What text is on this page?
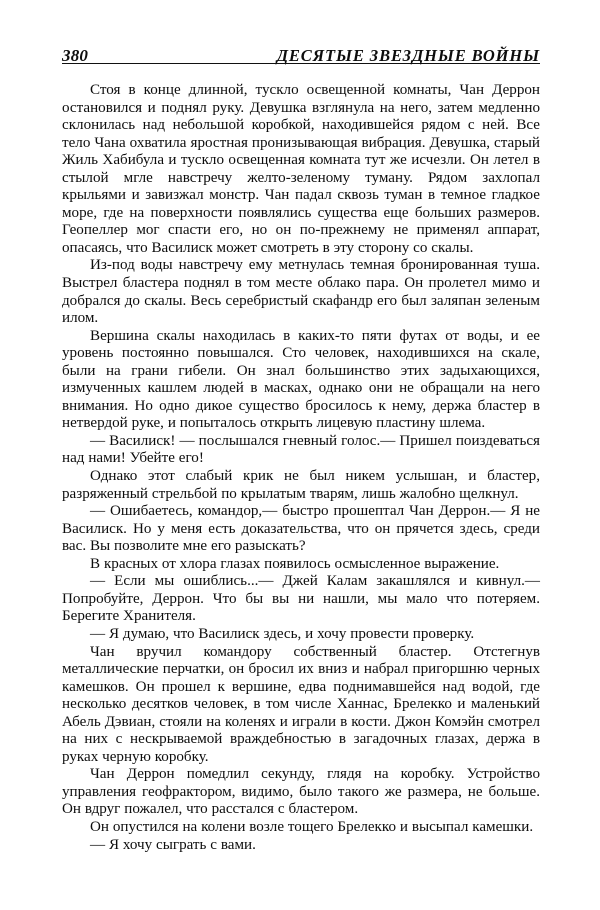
380	ДЕСЯТЫЕ ЗВЕЗДНЫЕ ВОЙНЫ

Стоя в конце длинной, тускло освещенной комнаты, Чан Деррон остановился и поднял руку. Девушка взглянула на него, затем медленно склонилась над небольшой коробкой, находившейся рядом с ней. Все тело Чана охватила яростная пронизывающая вибрация. Девушка, старый Жиль Хабибула и тускло освещенная комната тут же исчезли. Он летел в стылой мгле навстречу желто-зеленому туману. Рядом захлопал крыльями и завизжал монстр. Чан падал сквозь туман в темное гладкое море, где на поверхности появлялись существа еще больших размеров. Геопеллер мог спасти его, но он по-прежнему не применял аппарат, опасаясь, что Василиск может смотреть в эту сторону со скалы.

Из-под воды навстречу ему метнулась темная бронированная туша. Выстрел бластера поднял в том месте облако пара. Он пролетел мимо и добрался до скалы. Весь серебристый скафандр его был заляпан зеленым илом.

Вершина скалы находилась в каких-то пяти футах от воды, и ее уровень постоянно повышался. Сто человек, находившихся на скале, были на грани гибели. Он знал большинство этих задыхающихся, измученных кашлем людей в масках, однако они не обращали на него внимания. Но одно дикое существо бросилось к нему, держа бластер в нетвердой руке, и попыталось открыть лицевую пластину шлема.

— Василиск! — послышался гневный голос.— Пришел поиздеваться над нами! Убейте его!

Однако этот слабый крик не был никем услышан, и бластер, разряженный стрельбой по крылатым тварям, лишь жалобно щелкнул.

— Ошибаетесь, командор,— быстро прошептал Чан Деррон.— Я не Василиск. Но у меня есть доказательства, что он прячется здесь, среди вас. Вы позволите мне его разыскать?

В красных от хлора глазах появилось осмысленное выражение.

— Если мы ошиблись...— Джей Калам закашлялся и кивнул.— Попробуйте, Деррон. Что бы вы ни нашли, мы мало что потеряем. Берегите Хранителя.

— Я думаю, что Василиск здесь, и хочу провести проверку.

Чан вручил командору собственный бластер. Отстегнув металлические перчатки, он бросил их вниз и набрал пригоршню черных камешков. Он прошел к вершине, едва поднимавшейся над водой, где несколько десятков человек, в том числе Ханнас, Брелекко и маленький Абель Дэвиан, стояли на коленях и играли в кости. Джон Комэйн смотрел на них с нескрываемой враждебностью в загадочных глазах, держа в руках черную коробку.

Чан Деррон помедлил секунду, глядя на коробку. Устройство управления геофрактором, видимо, было такого же размера, не больше. Он вдруг пожалел, что расстался с бластером.

Он опустился на колени возле тощего Брелекко и высыпал камешки.

— Я хочу сыграть с вами.
